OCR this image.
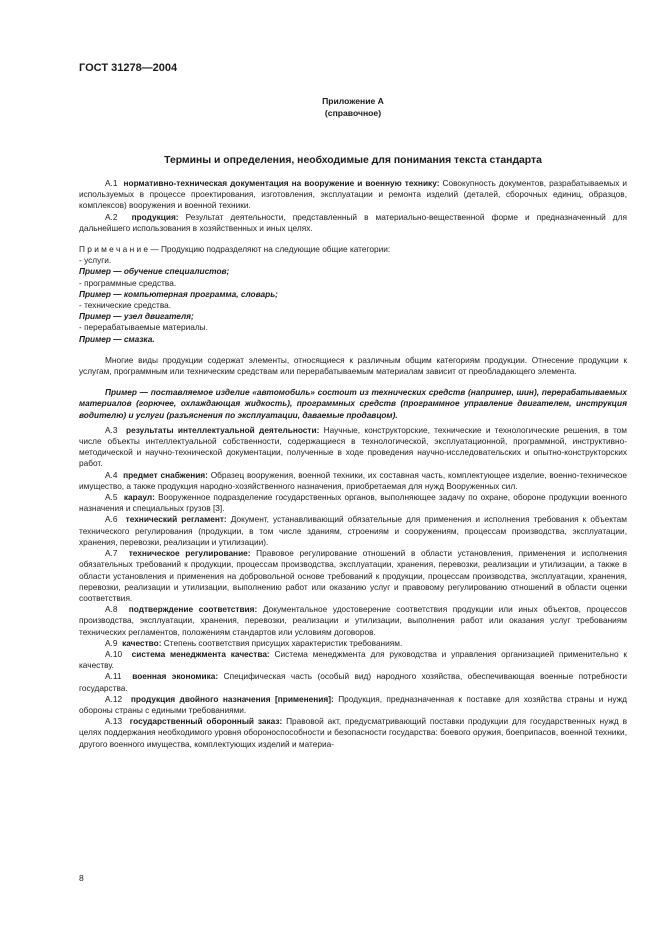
ГОСТ 31278—2004
Приложение А
(справочное)
Термины и определения, необходимые для понимания текста стандарта

А.1 нормативно-техническая документация на вооружение и военную технику: Совокупность документов, разрабатываемых и используемых в процессе проектирования, изготовления, эксплуатации и ремонта изделий (деталей, сборочных единиц, образцов, комплексов) вооружения и военной техники.

А.2 продукция: Результат деятельности, представленный в материально-вещественной форме и предназначенный для дальнейшего использования в хозяйственных и иных целях.

П р и м е ч а н и е — Продукцию подразделяют на следующие общие категории:
- услуги.
Пример — обучение специалистов;
- программные средства.
Пример — компьютерная программа, словарь;
- технические средства.
Пример — узел двигателя;
- перерабатываемые материалы.
Пример — смазка.

Многие виды продукции содержат элементы, относящиеся к различным общим категориям продукции. Отнесение продукции к услугам, программным или техническим средствам или перерабатываемым материалам зависит от преобладающего элемента.

Пример — поставляемое изделие «автомобиль» состоит из технических средств (например, шин), перерабатываемых материалов (горючее, охлаждающая жидкость), программных средств (программное управление двигателем, инструкция водителю) и услуги (разъяснения по эксплуатации, даваемые продавцом).

А.3 результаты интеллектуальной деятельности: Научные, конструкторские, технические и технологические решения, в том числе объекты интеллектуальной собственности, содержащиеся в технологической, эксплуатационной, программной, инструктивно-методической и научно-технической документации, полученные в ходе проведения научно-исследовательских и опытно-конструкторских работ.

А.4 предмет снабжения: Образец вооружения, военной техники, их составная часть, комплектующее изделие, военно-техническое имущество, а также продукция народно-хозяйственного назначения, приобретаемая для нужд Вооруженных сил.

А.5 караул: Вооруженное подразделение государственных органов, выполняющее задачу по охране, обороне продукции военного назначения и специальных грузов [3].

А.6 технический регламент: Документ, устанавливающий обязательные для применения и исполнения требования к объектам технического регулирования (продукции, в том числе зданиям, строениям и сооружениям, процессам производства, эксплуатации, хранения, перевозки, реализации и утилизации).

А.7 техническое регулирование: Правовое регулирование отношений в области установления, применения и исполнения обязательных требований к продукции, процессам производства, эксплуатации, хранения, перевозки, реализации и утилизации, а также в области установления и применения на добровольной основе требований к продукции, процессам производства, эксплуатации, хранения, перевозки, реализации и утилизации, выполнению работ или оказанию услуг и правовому регулированию отношений в области оценки соответствия.

А.8 подтверждение соответствия: Документальное удостоверение соответствия продукции или иных объектов, процессов производства, эксплуатации, хранения, перевозки, реализации и утилизации, выполнения работ или оказания услуг требованиям технических регламентов, положениям стандартов или условиям договоров.

А.9 качество: Степень соответствия присущих характеристик требованиям.

А.10 система менеджмента качества: Система менеджмента для руководства и управления организацией применительно к качеству.

А.11 военная экономика: Специфическая часть (особый вид) народного хозяйства, обеспечивающая военные потребности государства.

А.12 продукция двойного назначения [применения]: Продукция, предназначенная к поставке для хозяйства страны и нужд обороны страны с едиными требованиями.

А.13 государственный оборонный заказ: Правовой акт, предусматривающий поставки продукции для государственных нужд в целях поддержания необходимого уровня обороноспособности и безопасности государства: боевого оружия, боеприпасов, военной техники, другого военного имущества, комплектующих изделий и материа-

8
